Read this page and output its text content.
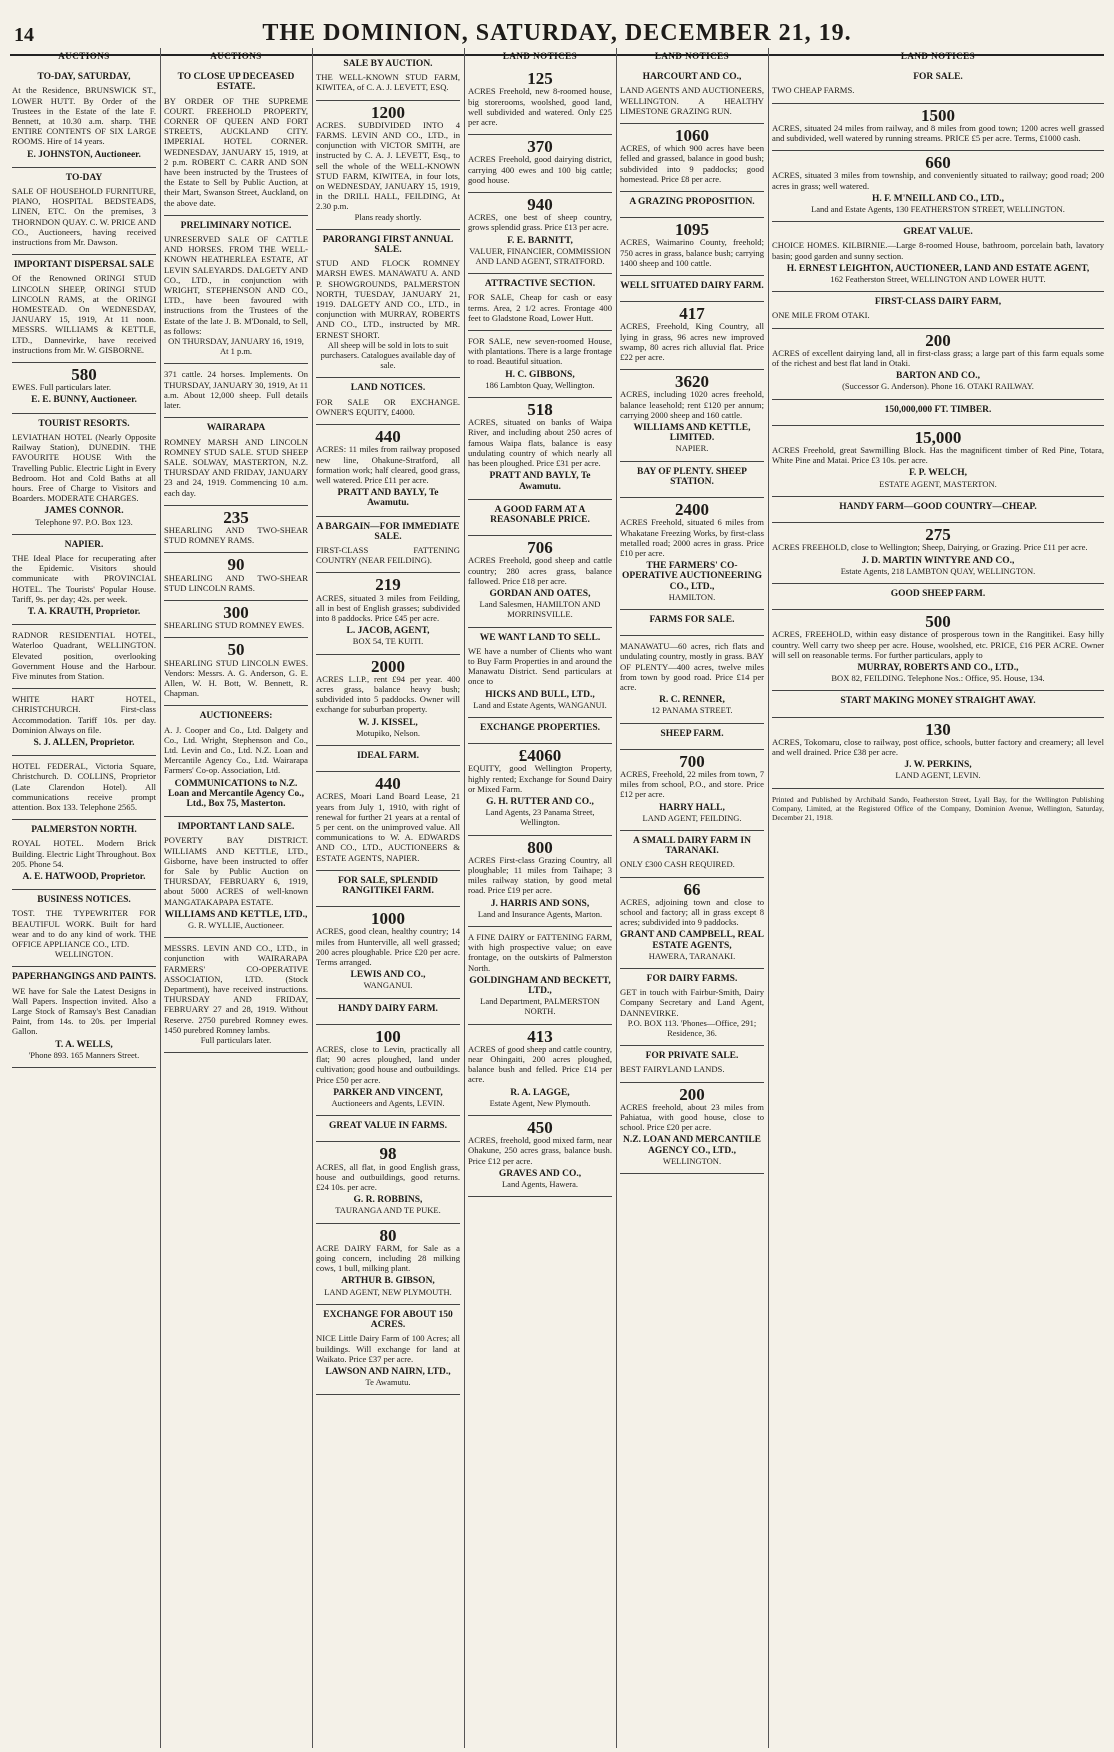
14	THE DOMINION, SATURDAY, DECEMBER 21, 19.
AUCTIONS
TO-DAY, SATURDAY,
At the Residence, BRUNSWICK ST., LOWER HUTT. By Order of the Trustees in the Estate of the late F. Bennett, at 10.30 a.m. sharp. THE ENTIRE CONTENTS OF SIX LARGE ROOMS. Hire of 14 years.
E. JOHNSTON, Auctioneer.
TO-DAY
SALE OF HOUSEHOLD FURNITURE, PIANO, HOSPITAL BEDSTEADS, LINEN, ETC. On the premises, 3 THORNDON QUAY. C. W. PRICE AND CO., Auctioneers, having received instructions from Mr. Dawson.
IMPORTANT DISPERSAL SALE
Of the Renowned ORINGI STUD LINCOLN SHEEP, ORINGI STUD LINCOLN RAMS, at the ORINGI HOMESTEAD. On WEDNESDAY, JANUARY 15, 1919, At 11 noon. MESSRS. WILLIAMS & KETTLE, LTD., Dannevirke, have received instructions from Mr. W. GISBORNE.
580
EWES. Full particulars later.
E. E. BUNNY, Auctioneer.
TOURIST RESORTS.
LEVIATHAN HOTEL (Nearly Opposite Railway Station), DUNEDIN. THE FAVOURITE HOUSE With the Travelling Public. Electric Light in Every Bedroom. Hot and Cold Baths at all hours. Free of Charge to Visitors and Boarders. MODERATE CHARGES.
JAMES CONNOR.
Telephone 97. P.O. Box 123.
NAPIER.
THE Ideal Place for recuperating after the Epidemic. Visitors should communicate with PROVINCIAL HOTEL. The Tourists' Popular House. Tariff, 9s. per day; 42s. per week.
T. A. KRAUTH, Proprietor.
RADNOR RESIDENTIAL HOTEL, Waterloo Quadrant, WELLINGTON. Elevated position, overlooking Government House and the Harbour. Five minutes from Station.
WHITE HART HOTEL, CHRISTCHURCH. First-class Accommodation. Tariff 10s. per day. Dominion Always on file.
S. J. ALLEN, Proprietor.
HOTEL FEDERAL, Victoria Square, Christchurch. D. COLLINS, Proprietor (Late Clarendon Hotel). All communications receive prompt attention. Box 133. Telephone 2565.
PALMERSTON NORTH.
ROYAL HOTEL. Modern Brick Building. Electric Light Throughout. Box 205. Phone 54.
A. E. HATWOOD, Proprietor.
BUSINESS NOTICES.
TOST. THE TYPEWRITER FOR BEAUTIFUL WORK. Built for hard wear and to do any kind of work. THE OFFICE APPLIANCE CO., LTD.
WELLINGTON.
PAPERHANGINGS AND PAINTS.
WE have for Sale the Latest Designs in Wall Papers. Inspection invited. Also a Large Stock of Ramsay's Best Canadian Paint, from 14s. to 20s. per Imperial Gallon.
T. A. WELLS,
'Phone 893. 165 Manners Street.
AUCTIONS
TO CLOSE UP DECEASED ESTATE.
BY ORDER OF THE SUPREME COURT. FREEHOLD PROPERTY, CORNER OF QUEEN AND FORT STREETS, AUCKLAND CITY. IMPERIAL HOTEL CORNER. WEDNESDAY, JANUARY 15, 1919, at 2 p.m. ROBERT C. CARR AND SON have been instructed by the Trustees of the Estate to Sell by Public Auction, at their Mart, Swanson Street, Auckland, on the above date.
PRELIMINARY NOTICE.
UNRESERVED SALE OF CATTLE AND HORSES. FROM THE WELL-KNOWN HEATHERLEA ESTATE, AT LEVIN SALEYARDS. DALGETY AND CO., LTD., in conjunction with WRIGHT, STEPHENSON AND CO., LTD., have been favoured with instructions from the Trustees of the Estate of the late J. B. M'Donald, to Sell, as follows:
ON THURSDAY, JANUARY 16, 1919, At 1 p.m.
371 cattle. 24 horses. Implements. On THURSDAY, JANUARY 30, 1919, At 11 a.m. About 12,000 sheep. Full details later.
WAIRARAPA
ROMNEY MARSH AND LINCOLN ROMNEY STUD SALE. STUD SHEEP SALE. SOLWAY, MASTERTON, N.Z. THURSDAY AND FRIDAY, JANUARY 23 and 24, 1919. Commencing 10 a.m. each day.
235
SHEARLING AND TWO-SHEAR STUD ROMNEY RAMS.
90
SHEARLING AND TWO-SHEAR STUD LINCOLN RAMS.
300
SHEARLING STUD ROMNEY EWES.
50
SHEARLING STUD LINCOLN EWES. Vendors: Messrs. A. G. Anderson, G. E. Allen, W. H. Bott, W. Bennett, R. Chapman.
AUCTIONEERS:
A. J. Cooper and Co., Ltd. Dalgety and Co., Ltd. Wright, Stephenson and Co., Ltd. Levin and Co., Ltd. N.Z. Loan and Mercantile Agency Co., Ltd. Wairarapa Farmers' Co-op. Association, Ltd.
COMMUNICATIONS to N.Z. Loan and Mercantile Agency Co., Ltd., Box 75, Masterton.
IMPORTANT LAND SALE.
POVERTY BAY DISTRICT. WILLIAMS AND KETTLE, LTD., Gisborne, have been instructed to offer for Sale by Public Auction on THURSDAY, FEBRUARY 6, 1919, about 5000 ACRES of well-known MANGATAKAPAPA ESTATE.
WILLIAMS AND KETTLE, LTD.,
G. R. WYLLIE, Auctioneer.
MESSRS. LEVIN AND CO., LTD., in conjunction with WAIRARAPA FARMERS' CO-OPERATIVE ASSOCIATION, LTD. (Stock Department), have received instructions. THURSDAY AND FRIDAY, FEBRUARY 27 and 28, 1919. Without Reserve. 2750 purebred Romney ewes. 1450 purebred Romney lambs.
Full particulars later.
SALE BY AUCTION.
THE WELL-KNOWN STUD FARM, KIWITEA, of C. A. J. LEVETT, ESQ.
1200
ACRES. SUBDIVIDED INTO 4 FARMS. LEVIN AND CO., LTD., in conjunction with VICTOR SMITH, are instructed by C. A. J. LEVETT, Esq., to sell the whole of the WELL-KNOWN STUD FARM, KIWITEA, in four lots, on WEDNESDAY, JANUARY 15, 1919, in the DRILL HALL, FEILDING, At 2.30 p.m.
Plans ready shortly.
PARORANGI FIRST ANNUAL SALE.
STUD AND FLOCK ROMNEY MARSH EWES. MANAWATU A. AND P. SHOWGROUNDS, PALMERSTON NORTH, TUESDAY, JANUARY 21, 1919. DALGETY AND CO., LTD., in conjunction with MURRAY, ROBERTS AND CO., LTD., instructed by MR. ERNEST SHORT.
All sheep will be sold in lots to suit purchasers. Catalogues available day of sale.
LAND NOTICES.
FOR SALE OR EXCHANGE. OWNER'S EQUITY, £4000.
440
ACRES: 11 miles from railway proposed new line, Ohakune-Stratford, all formation work; half cleared, good grass, well watered. Price £11 per acre.
PRATT AND BAYLY, Te Awamutu.
A BARGAIN—FOR IMMEDIATE SALE.
FIRST-CLASS FATTENING COUNTRY (NEAR FEILDING).
219
ACRES, situated 3 miles from Feilding, all in best of English grasses; subdivided into 8 paddocks. Price £45 per acre.
L. JACOB, AGENT,
BOX 54, TE KUITI.
2000
ACRES L.I.P., rent £94 per year. 400 acres grass, balance heavy bush; subdivided into 5 paddocks. Owner will exchange for suburban property.
W. J. KISSEL,
Motupiko, Nelson.
IDEAL FARM.
440
ACRES, Moari Land Board Lease, 21 years from July 1, 1910, with right of renewal for further 21 years at a rental of 5 per cent. on the unimproved value. All communications to W. A. EDWARDS AND CO., LTD., AUCTIONEERS & ESTATE AGENTS, NAPIER.
FOR SALE, SPLENDID RANGITIKEI FARM.
1000
ACRES, good clean, healthy country; 14 miles from Hunterville, all well grassed; 200 acres ploughable. Price £20 per acre. Terms arranged.
LEWIS AND CO.,
WANGANUI.
HANDY DAIRY FARM.
100
ACRES, close to Levin, practically all flat; 90 acres ploughed, land under cultivation; good house and outbuildings. Price £50 per acre.
PARKER AND VINCENT,
Auctioneers and Agents, LEVIN.
GREAT VALUE IN FARMS.
98
ACRES, all flat, in good English grass, house and outbuildings, good returns. £24 10s. per acre.
G. R. ROBBINS,
TAURANGA AND TE PUKE.
80
ACRE DAIRY FARM, for Sale as a going concern, including 28 milking cows, 1 bull, milking plant.
ARTHUR B. GIBSON,
LAND AGENT, NEW PLYMOUTH.
EXCHANGE FOR ABOUT 150 ACRES.
NICE Little Dairy Farm of 100 Acres; all buildings. Will exchange for land at Waikato. Price £37 per acre.
LAWSON AND NAIRN, LTD.,
Te Awamutu.
LAND NOTICES
125
ACRES Freehold, new 8-roomed house, big storerooms, woolshed, good land, well subdivided and watered. Only £25 per acre.
370
ACRES Freehold, good dairying district, carrying 400 ewes and 100 big cattle; good house.
940
ACRES, one best of sheep country, grows splendid grass. Price £13 per acre.
F. E. BARNITT,
VALUER, FINANCIER, COMMISSION AND LAND AGENT, STRATFORD.
ATTRACTIVE SECTION.
FOR SALE, Cheap for cash or easy terms. Area, 2 1/2 acres. Frontage 400 feet to Gladstone Road, Lower Hutt.
FOR SALE, new seven-roomed House, with plantations. There is a large frontage to road. Beautiful situation.
H. C. GIBBONS,
186 Lambton Quay, Wellington.
518
ACRES, situated on banks of Waipa River, and including about 250 acres of famous Waipa flats, balance is easy undulating country of which nearly all has been ploughed. Price £31 per acre.
PRATT AND BAYLY, Te Awamutu.
A GOOD FARM AT A REASONABLE PRICE.
706
ACRES Freehold, good sheep and cattle country; 280 acres grass, balance fallowed. Price £18 per acre.
GORDAN AND OATES,
Land Salesmen, HAMILTON AND MORRINSVILLE.
WE WANT LAND TO SELL.
WE have a number of Clients who want to Buy Farm Properties in and around the Manawatu District. Send particulars at once to
HICKS AND BULL, LTD.,
Land and Estate Agents, WANGANUI.
EXCHANGE PROPERTIES.
£4060
EQUITY, good Wellington Property, highly rented; Exchange for Sound Dairy or Mixed Farm.
G. H. RUTTER AND CO.,
Land Agents, 23 Panama Street, Wellington.
800
ACRES First-class Grazing Country, all ploughable; 11 miles from Taihape; 3 miles railway station, by good metal road. Price £19 per acre.
J. HARRIS AND SONS,
Land and Insurance Agents, Marton.
A FINE DAIRY or FATTENING FARM, with high prospective value; on eave frontage, on the outskirts of Palmerston North.
GOLDINGHAM AND BECKETT, LTD.,
Land Department, PALMERSTON NORTH.
413
ACRES of good sheep and cattle country, near Ohingaiti, 200 acres ploughed, balance bush and felled. Price £14 per acre.
R. A. LAGGE,
Estate Agent, New Plymouth.
450
ACRES, freehold, good mixed farm, near Ohakune, 250 acres grass, balance bush. Price £12 per acre.
GRAVES AND CO.,
Land Agents, Hawera.
LAND NOTICES
HARCOURT AND CO.,
LAND AGENTS AND AUCTIONEERS, WELLINGTON. A HEALTHY LIMESTONE GRAZING RUN.
1060
ACRES, of which 900 acres have been felled and grassed, balance in good bush; subdivided into 9 paddocks; good homestead. Price £8 per acre.
A GRAZING PROPOSITION.
1095
ACRES, Waimarino County, freehold; 750 acres in grass, balance bush; carrying 1400 sheep and 100 cattle.
WELL SITUATED DAIRY FARM.
417
ACRES, Freehold, King Country, all lying in grass, 96 acres new improved swamp, 80 acres rich alluvial flat. Price £22 per acre.
3620
ACRES, including 1020 acres freehold, balance leasehold; rent £120 per annum; carrying 2000 sheep and 160 cattle.
WILLIAMS AND KETTLE, LIMITED.
NAPIER.
BAY OF PLENTY. SHEEP STATION.
2400
ACRES Freehold, situated 6 miles from Whakatane Freezing Works, by first-class metalled road; 2000 acres in grass. Price £10 per acre.
THE FARMERS' CO-OPERATIVE AUCTIONEERING CO., LTD.,
HAMILTON.
FARMS FOR SALE.
MANAWATU—60 acres, rich flats and undulating country, mostly in grass. BAY OF PLENTY—400 acres, twelve miles from town by good road. Price £14 per acre.
R. C. RENNER,
12 PANAMA STREET.
SHEEP FARM.
700
ACRES, Freehold, 22 miles from town, 7 miles from school, P.O., and store. Price £12 per acre.
HARRY HALL,
LAND AGENT, FEILDING.
A SMALL DAIRY FARM IN TARANAKI.
ONLY £300 CASH REQUIRED.
66
ACRES, adjoining town and close to school and factory; all in grass except 8 acres; subdivided into 9 paddocks.
GRANT AND CAMPBELL, REAL ESTATE AGENTS,
HAWERA, TARANAKI.
FOR DAIRY FARMS.
GET in touch with Fairbur-Smith, Dairy Company Secretary and Land Agent, DANNEVIRKE.
P.O. BOX 113. 'Phones—Office, 291; Residence, 36.
FOR PRIVATE SALE.
BEST FAIRYLAND LANDS.
200
ACRES freehold, about 23 miles from Pahiatua, with good house, close to school. Price £20 per acre.
N.Z. LOAN AND MERCANTILE AGENCY CO., LTD.,
WELLINGTON.
LAND NOTICES
FOR SALE.
TWO CHEAP FARMS.
1500
ACRES, situated 24 miles from railway, and 8 miles from good town; 1200 acres well grassed and subdivided, well watered by running streams. PRICE £5 per acre. Terms, £1000 cash.
660
ACRES, situated 3 miles from township, and conveniently situated to railway; good road; 200 acres in grass; well watered.
H. F. M'NEILL AND CO., LTD.,
Land and Estate Agents, 130 FEATHERSTON STREET, WELLINGTON.
GREAT VALUE.
CHOICE HOMES. KILBIRNIE.—Large 8-roomed House, bathroom, porcelain bath, lavatory basin; good garden and sunny section.
H. ERNEST LEIGHTON, AUCTIONEER, LAND AND ESTATE AGENT,
162 Featherston Street, WELLINGTON AND LOWER HUTT.
FIRST-CLASS DAIRY FARM,
ONE MILE FROM OTAKI.
200
ACRES of excellent dairying land, all in first-class grass; a large part of this farm equals some of the richest and best flat land in Otaki.
BARTON AND CO.,
(Successor G. Anderson). Phone 16. OTAKI RAILWAY.
150,000,000 FT. TIMBER.
15,000
ACRES Freehold, great Sawmilling Block. Has the magnificent timber of Red Pine, Totara, White Pine and Matai. Price £3 10s. per acre.
F. P. WELCH,
ESTATE AGENT, MASTERTON.
HANDY FARM—GOOD COUNTRY—CHEAP.
275
ACRES FREEHOLD, close to Wellington; Sheep, Dairying, or Grazing. Price £11 per acre.
J. D. MARTIN WINTYRE AND CO.,
Estate Agents, 218 LAMBTON QUAY, WELLINGTON.
GOOD SHEEP FARM.
500
ACRES, FREEHOLD, within easy distance of prosperous town in the Rangitikei. Easy hilly country. Well carry two sheep per acre. House, woolshed, etc. PRICE, £16 PER ACRE. Owner will sell on reasonable terms. For further particulars, apply to
MURRAY, ROBERTS AND CO., LTD.,
BOX 82, FEILDING. Telephone Nos.: Office, 95. House, 134.
START MAKING MONEY STRAIGHT AWAY.
130
ACRES, Tokomaru, close to railway, post office, schools, butter factory and creamery; all level and well drained. Price £38 per acre.
J. W. PERKINS,
LAND AGENT, LEVIN.
Printed and Published by Archibald Sando, Featherston Street, Lyall Bay, for the Wellington Publishing Company, Limited, at the Registered Office of the Company, Dominion Avenue, Wellington, Saturday, December 21, 1918.
